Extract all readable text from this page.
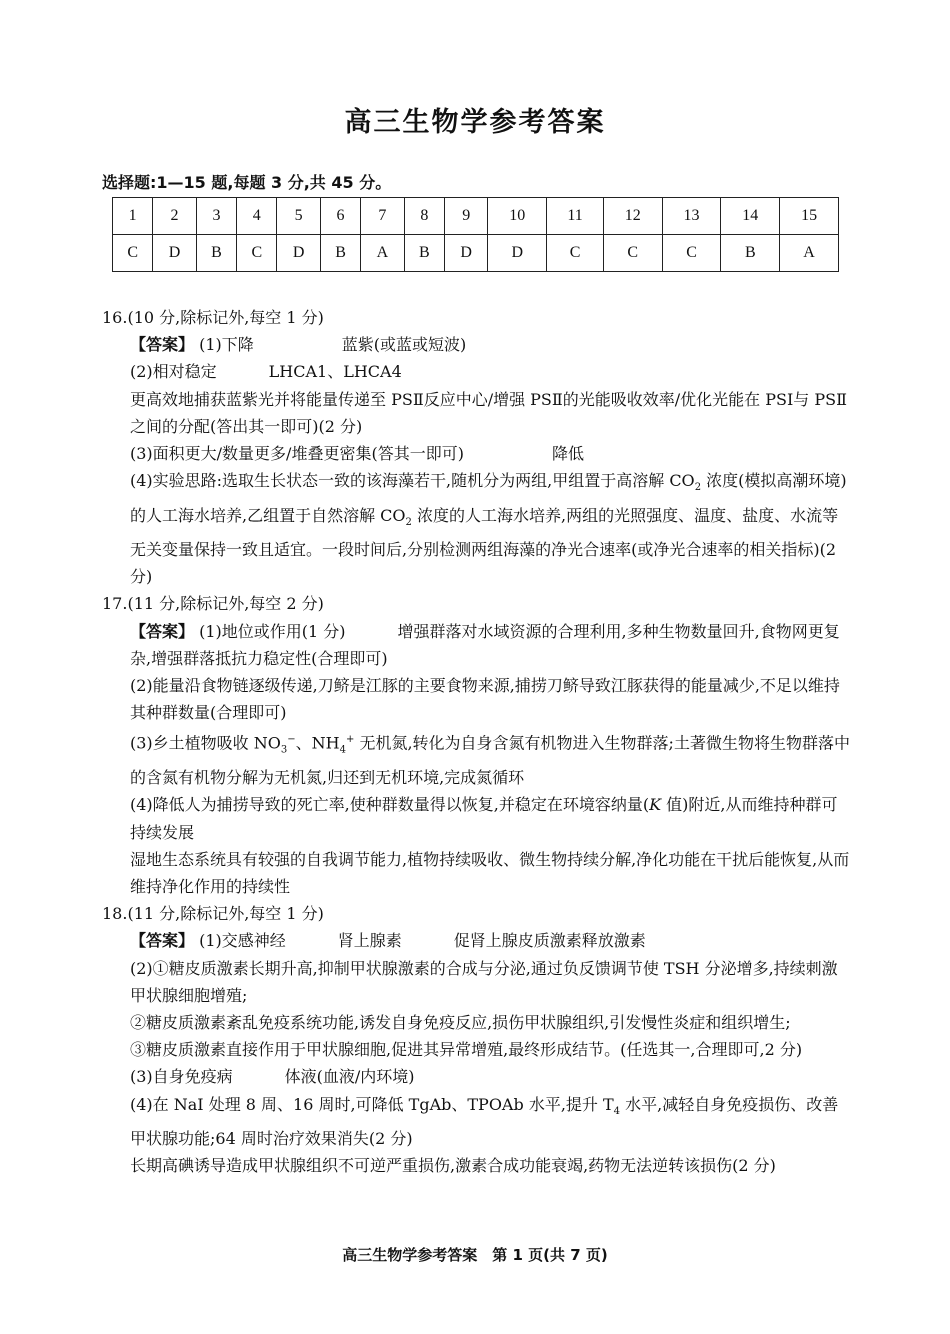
高三生物学参考答案
选择题:1—15 题,每题 3 分,共 45 分。
1	2	3	4	5	6	7	8	9	10	11	12	13	14	15
C	D	B	C	D	B	A	B	D	D	C	C	C	B	A

16.(10 分,除标记外,每空 1 分)

【答案】 (1)下降	蓝紫(或蓝或短波)

(2)相对稳定	LHCA1、LHCA4

更高效地捕获蓝紫光并将能量传递至 PSⅡ反应中心/增强 PSⅡ的光能吸收效率/优化光能在 PSⅠ与 PSⅡ之间的分配(答出其一即可)(2 分)

(3)面积更大/数量更多/堆叠更密集(答其一即可)	降低

(4)实验思路:选取生长状态一致的该海藻若干,随机分为两组,甲组置于高溶解 $CO_2$ 浓度(模拟高潮环境)的人工海水培养,乙组置于自然溶解 $CO_2$ 浓度的人工海水培养,两组的光照强度、温度、盐度、水流等无关变量保持一致且适宜。一段时间后,分别检测两组海藻的净光合速率(或净光合速率的相关指标)(2 分)

17.(11 分,除标记外,每空 2 分)

【答案】 (1)地位或作用(1 分)	增强群落对水域资源的合理利用,多种生物数量回升,食物网更复杂,增强群落抵抗力稳定性(合理即可)

(2)能量沿食物链逐级传递,刀鲚是江豚的主要食物来源,捕捞刀鲚导致江豚获得的能量减少,不足以维持其种群数量(合理即可)

(3)乡土植物吸收 $NO_3^-$、$NH_4^+$ 无机氮,转化为自身含氮有机物进入生物群落;土著微生物将生物群落中的含氮有机物分解为无机氮,归还到无机环境,完成氮循环

(4)降低人为捕捞导致的死亡率,使种群数量得以恢复,并稳定在环境容纳量(K 值)附近,从而维持种群可持续发展

湿地生态系统具有较强的自我调节能力,植物持续吸收、微生物持续分解,净化功能在干扰后能恢复,从而维持净化作用的持续性

18.(11 分,除标记外,每空 1 分)

【答案】 (1)交感神经	肾上腺素	促肾上腺皮质激素释放激素

(2)①糖皮质激素长期升高,抑制甲状腺激素的合成与分泌,通过负反馈调节使 TSH 分泌增多,持续刺激甲状腺细胞增殖;

②糖皮质激素紊乱免疫系统功能,诱发自身免疫反应,损伤甲状腺组织,引发慢性炎症和组织增生;

③糖皮质激素直接作用于甲状腺细胞,促进其异常增殖,最终形成结节。(任选其一,合理即可,2 分)

(3)自身免疫病	体液(血液/内环境)

(4)在 NaI 处理 8 周、16 周时,可降低 TgAb、TPOAb 水平,提升 $T_4$ 水平,减轻自身免疫损伤、改善甲状腺功能;64 周时治疗效果消失(2 分)

长期高碘诱导造成甲状腺组织不可逆严重损伤,激素合成功能衰竭,药物无法逆转该损伤(2 分)

高三生物学参考答案　第 1 页(共 7 页)
